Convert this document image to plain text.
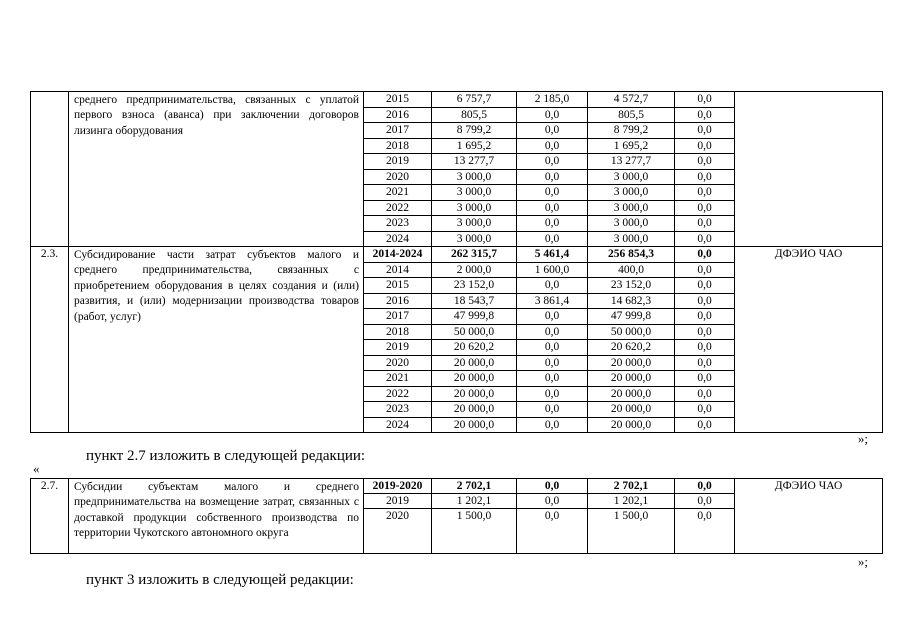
	среднего предпринимательства, связанных с уплатой первого взноса (аванса) при заключении договоров лизинга оборудования	2015	6 757,7	2 185,0	4 572,7	0,0	
		2016	805,5	0,0	805,5	0,0	
		2017	8 799,2	0,0	8 799,2	0,0	
		2018	1 695,2	0,0	1 695,2	0,0	
		2019	13 277,7	0,0	13 277,7	0,0	
		2020	3 000,0	0,0	3 000,0	0,0	
		2021	3 000,0	0,0	3 000,0	0,0	
		2022	3 000,0	0,0	3 000,0	0,0	
		2023	3 000,0	0,0	3 000,0	0,0	
		2024	3 000,0	0,0	3 000,0	0,0	
2.3.	Субсидирование части затрат субъектов малого и среднего предпринимательства, связанных с приобретением оборудования в целях создания и (или) развития, и (или) модернизации производства товаров (работ, услуг)	2014-2024	262 315,7	5 461,4	256 854,3	0,0	ДФЭИО ЧАО
		2014	2 000,0	1 600,0	400,0	0,0	
		2015	23 152,0	0,0	23 152,0	0,0	
		2016	18 543,7	3 861,4	14 682,3	0,0	
		2017	47 999,8	0,0	47 999,8	0,0	
		2018	50 000,0	0,0	50 000,0	0,0	
		2019	20 620,2	0,0	20 620,2	0,0	
		2020	20 000,0	0,0	20 000,0	0,0	
		2021	20 000,0	0,0	20 000,0	0,0	
		2022	20 000,0	0,0	20 000,0	0,0	
		2023	20 000,0	0,0	20 000,0	0,0	
		2024	20 000,0	0,0	20 000,0	0,0	
»;
пункт 2.7 изложить в следующей редакции:
«
2.7.	Субсидии субъектам малого и среднего предпринимательства на возмещение затрат, связанных с доставкой продукции собственного производства по территории Чукотского автономного округа	2019-2020	2 702,1	0,0	2 702,1	0,0	ДФЭИО ЧАО
		2019	1 202,1	0,0	1 202,1	0,0	
		2020	1 500,0	0,0	1 500,0	0,0	
»;
пункт 3 изложить в следующей редакции:
